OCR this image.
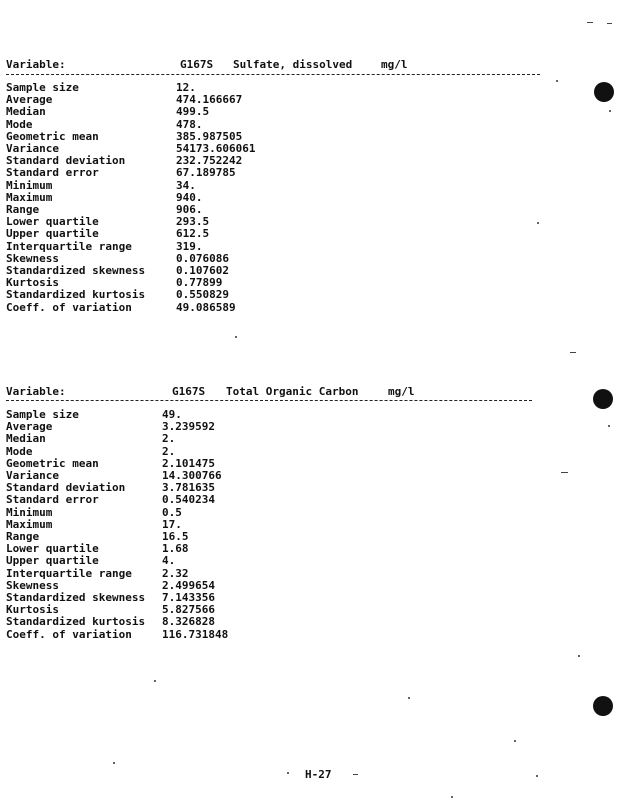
Variable:	G167S Sulfate, dissolved	mg/l
Sample size	12.
Average	474.166667
Median	499.5
Mode	478.
Geometric mean	385.987505
Variance	54173.606061
Standard deviation	232.752242
Standard error	67.189785
Minimum	34.
Maximum	940.
Range	906.
Lower quartile	293.5
Upper quartile	612.5
Interquartile range	319.
Skewness	0.076086
Standardized skewness	0.107602
Kurtosis	0.77899
Standardized kurtosis	0.550829
Coeff. of variation	49.086589
Variable:	G167S Total Organic Carbon	mg/l
Sample size	49.
Average	3.239592
Median	2.
Mode	2.
Geometric mean	2.101475
Variance	14.300766
Standard deviation	3.781635
Standard error	0.540234
Minimum	0.5
Maximum	17.
Range	16.5
Lower quartile	1.68
Upper quartile	4.
Interquartile range	2.32
Skewness	2.499654
Standardized skewness	7.143356
Kurtosis	5.827566
Standardized kurtosis	8.326828
Coeff. of variation	116.731848
H-27
